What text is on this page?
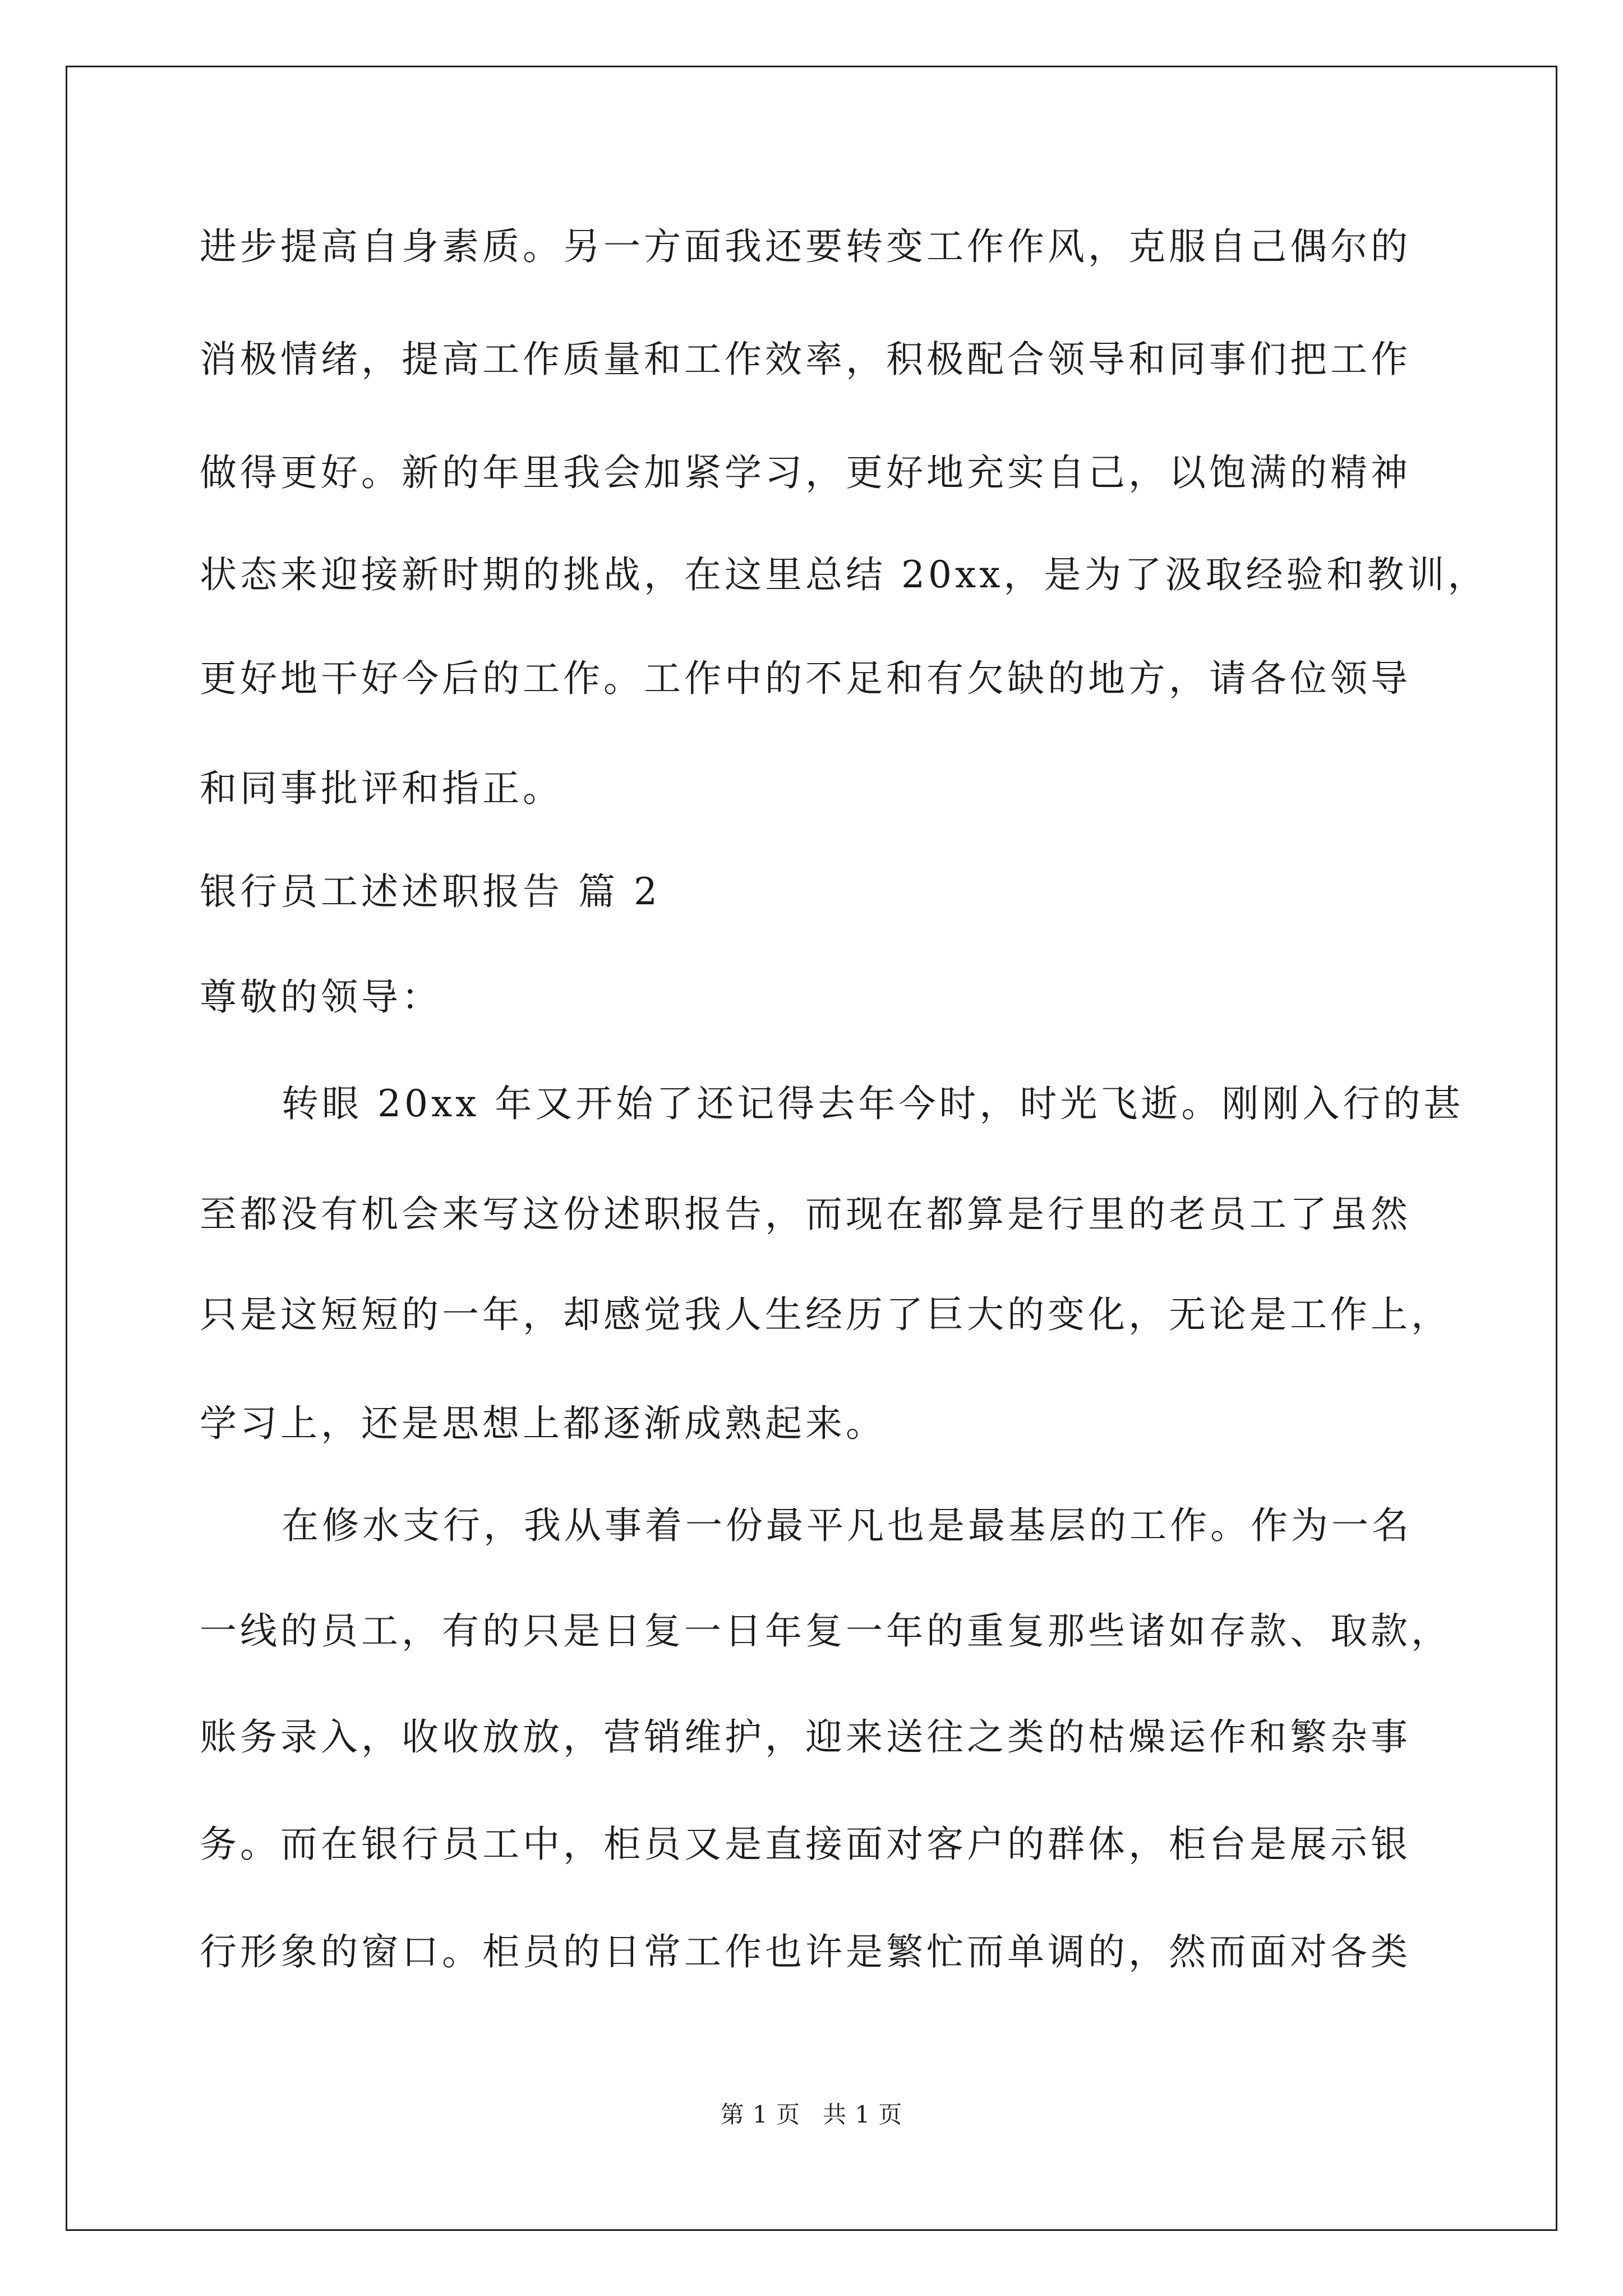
进步提高自身素质。另一方面我还要转变工作作风，克服自己偶尔的
消极情绪，提高工作质量和工作效率，积极配合领导和同事们把工作
做得更好。新的年里我会加紧学习，更好地充实自己，以饱满的精神
状态来迎接新时期的挑战，在这里总结 20xx，是为了汲取经验和教训，
更好地干好今后的工作。工作中的不足和有欠缺的地方，请各位领导
和同事批评和指正。
银行员工述述职报告 篇 2
尊敬的领导：
转眼 20xx 年又开始了还记得去年今时，时光飞逝。刚刚入行的甚
至都没有机会来写这份述职报告，而现在都算是行里的老员工了虽然
只是这短短的一年，却感觉我人生经历了巨大的变化，无论是工作上，
学习上，还是思想上都逐渐成熟起来。
在修水支行，我从事着一份最平凡也是最基层的工作。作为一名
一线的员工，有的只是日复一日年复一年的重复那些诸如存款、取款，
账务录入，收收放放，营销维护，迎来送往之类的枯燥运作和繁杂事
务。而在银行员工中，柜员又是直接面对客户的群体，柜台是展示银
行形象的窗口。柜员的日常工作也许是繁忙而单调的，然而面对各类
第 1 页 共 1 页
